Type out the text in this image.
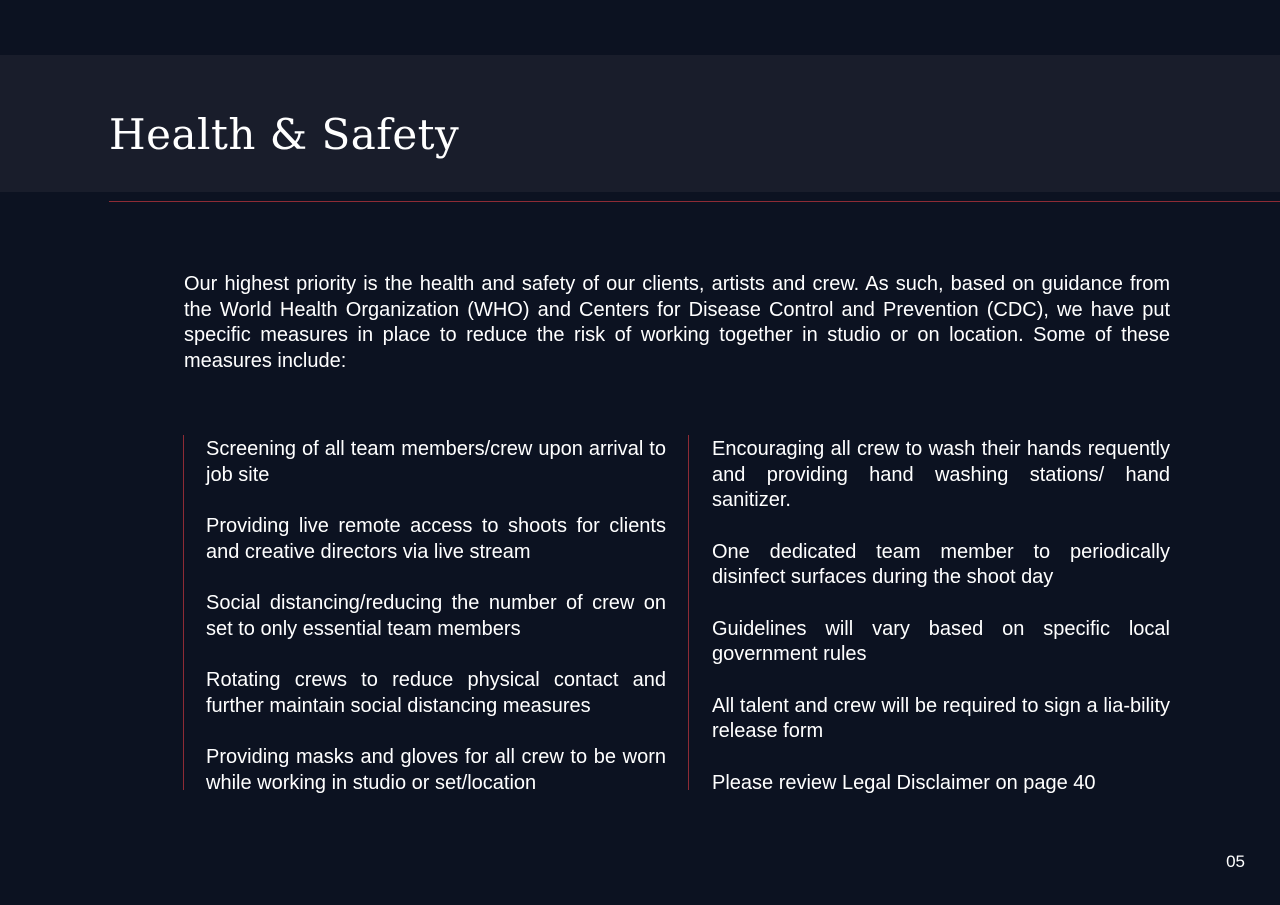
Health & Safety

Our highest priority is the health and safety of our clients, artists and crew. As such, based on guidance from the World Health Organization (WHO) and Centers for Disease Control and Prevention (CDC), we have put specific measures in place to reduce the risk of working together in studio or on location. Some of these measures include:

Screening of all team members/crew upon arrival to job site
Providing live remote access to shoots for clients and creative directors via live stream
Social distancing/reducing the number of crew on set to only essential team members
Rotating crews to reduce physical contact and further maintain social distancing measures
Providing masks and gloves for all crew to be worn while working in studio or set/location
Encouraging all crew to wash their hands requently and providing hand washing stations/ hand sanitizer.
One dedicated team member to periodically disinfect surfaces during the shoot day
Guidelines will vary based on specific local government rules
All talent and crew will be required to sign a lia-bility release form
Please review Legal Disclaimer on page 40
05
